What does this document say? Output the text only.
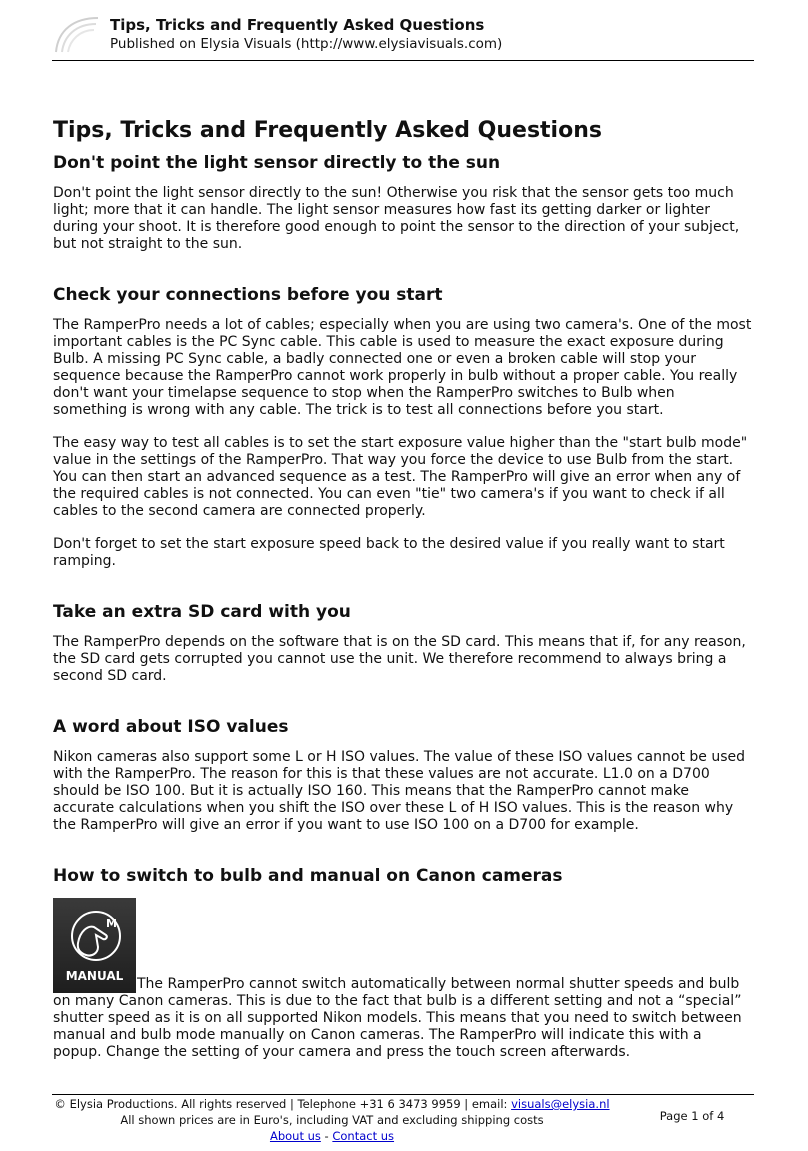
Tips, Tricks and Frequently Asked Questions
Published on Elysia Visuals (http://www.elysiavisuals.com)
Tips, Tricks and Frequently Asked Questions
Don't point the light sensor directly to the sun

Don't point the light sensor directly to the sun! Otherwise you risk that the sensor gets too much light; more that it can handle. The light sensor measures how fast its getting darker or lighter during your shoot. It is therefore good enough to point the sensor to the direction of your subject, but not straight to the sun.

Check your connections before you start

The RamperPro needs a lot of cables; especially when you are using two camera's. One of the most important cables is the PC Sync cable. This cable is used to measure the exact exposure during Bulb. A missing PC Sync cable, a badly connected one or even a broken cable will stop your sequence because the RamperPro cannot work properly in bulb without a proper cable. You really don't want your timelapse sequence to stop when the RamperPro switches to Bulb when something is wrong with any cable. The trick is to test all connections before you start.

The easy way to test all cables is to set the start exposure value higher than the "start bulb mode" value in the settings of the RamperPro. That way you force the device to use Bulb from the start. You can then start an advanced sequence as a test. The RamperPro will give an error when any of the required cables is not connected. You can even "tie" two camera's if you want to check if all cables to the second camera are connected properly.

Don't forget to set the start exposure speed back to the desired value if you really want to start ramping.

Take an extra SD card with you

The RamperPro depends on the software that is on the SD card. This means that if, for any reason, the SD card gets corrupted you cannot use the unit. We therefore recommend to always bring a second SD card.

A word about ISO values

Nikon cameras also support some L or H ISO values. The value of these ISO values cannot be used with the RamperPro. The reason for this is that these values are not accurate. L1.0 on a D700 should be ISO 100. But it is actually ISO 160. This means that the RamperPro cannot make accurate calculations when you shift the ISO over these L of H ISO values. This is the reason why the RamperPro will give an error if you want to use ISO 100 on a D700 for example.

How to switch to bulb and manual on Canon cameras

M
MANUAL The RamperPro cannot switch automatically between normal shutter speeds and bulb on many Canon cameras. This is due to the fact that bulb is a different setting and not a “special” shutter speed as it is on all supported Nikon models. This means that you need to switch between manual and bulb mode manually on Canon cameras. The RamperPro will indicate this with a popup. Change the setting of your camera and press the touch screen afterwards.

© Elysia Productions. All rights reserved | Telephone +31 6 3473 9959 | email: visuals@elysia.nl All shown prices are in Euro's, including VAT and excluding shipping costs
About us - Contact us
Page 1 of 4
